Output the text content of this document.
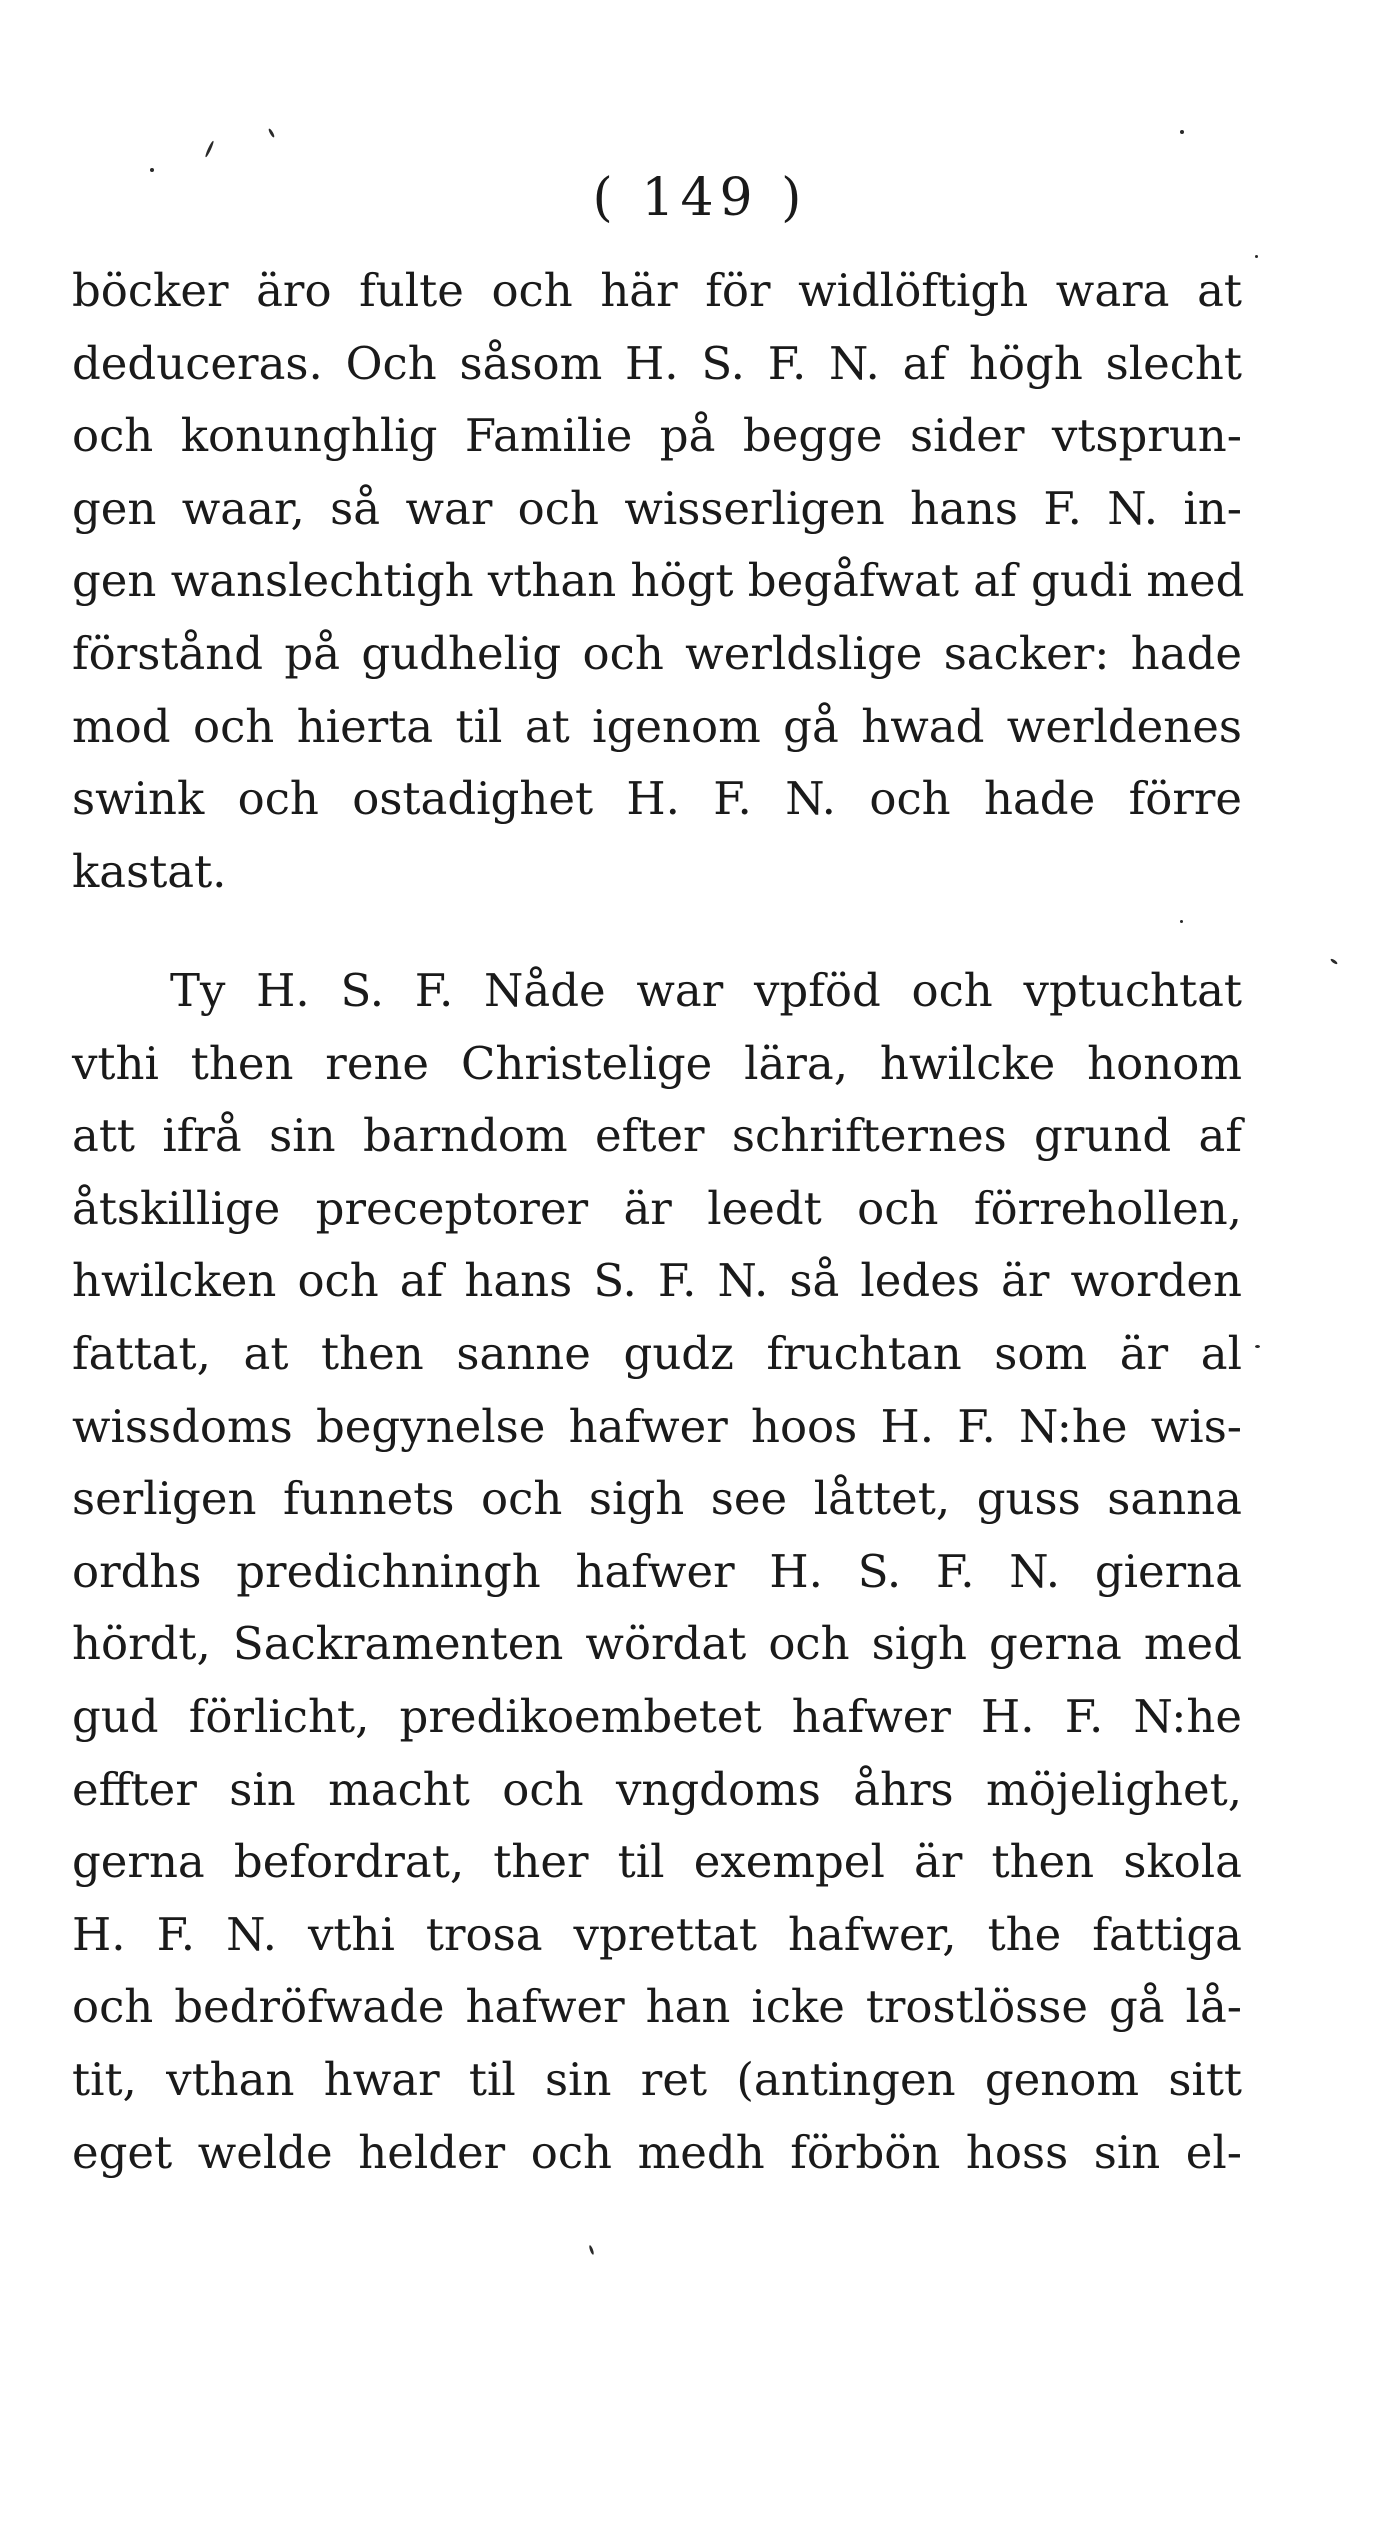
( 149 )
böcker äro fulte och här för widlöftigh wara at
deduceras. Och såsom H. S. F. N. af högh slecht
och konunghlig Familie på begge sider vtsprun-
gen waar, så war och wisserligen hans F. N. in-
gen wanslechtigh vthan högt begåfwat af gudi med
förstånd på gudhelig och werldslige sacker: hade
mod och hierta til at igenom gå hwad werldenes
swink och ostadighet H. F. N. och hade förre
kastat.
Ty H. S. F. Nåde war vpföd och vptuchtat
vthi then rene Christelige lära, hwilcke honom
att ifrå sin barndom efter schrifternes grund af
åtskillige preceptorer är leedt och förrehollen,
hwilcken och af hans S. F. N. så ledes är worden
fattat, at then sanne gudz fruchtan som är al
wissdoms begynelse hafwer hoos H. F. N:he wis-
serligen funnets och sigh see låttet, guss sanna
ordhs predichningh hafwer H. S. F. N. gierna
hördt, Sackramenten wördat och sigh gerna med
gud förlicht, predikoembetet hafwer H. F. N:he
effter sin macht och vngdoms åhrs möjelighet,
gerna befordrat, ther til exempel är then skola
H. F. N. vthi trosa vprettat hafwer, the fattiga
och bedröfwade hafwer han icke trostlösse gå lå-
tit, vthan hwar til sin ret (antingen genom sitt
eget welde helder och medh förbön hoss sin el-
